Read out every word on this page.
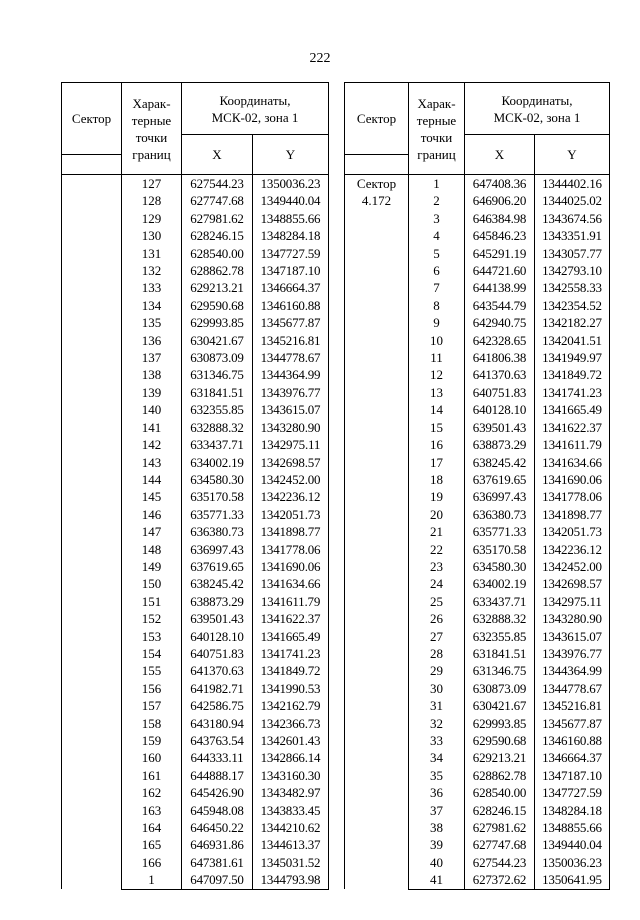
222
Сектор	Харак-
терные
точки
границ	Координаты,
МСК-02, зона 1	

		X	Y

	127	627544.23	1350036.23
	128	627747.68	1349440.04
	129	627981.62	1348855.66
	130	628246.15	1348284.18
	131	628540.00	1347727.59
	132	628862.78	1347187.10
	133	629213.21	1346664.37
	134	629590.68	1346160.88
	135	629993.85	1345677.87
	136	630421.67	1345216.81
	137	630873.09	1344778.67
	138	631346.75	1344364.99
	139	631841.51	1343976.77
	140	632355.85	1343615.07
	141	632888.32	1343280.90
	142	633437.71	1342975.11
	143	634002.19	1342698.57
	144	634580.30	1342452.00
	145	635170.58	1342236.12
	146	635771.33	1342051.73
	147	636380.73	1341898.77
	148	636997.43	1341778.06
	149	637619.65	1341690.06
	150	638245.42	1341634.66
	151	638873.29	1341611.79
	152	639501.43	1341622.37
	153	640128.10	1341665.49
	154	640751.83	1341741.23
	155	641370.63	1341849.72
	156	641982.71	1341990.53
	157	642586.75	1342162.79
	158	643180.94	1342366.73
	159	643763.54	1342601.43
	160	644333.11	1342866.14
	161	644888.17	1343160.30
	162	645426.90	1343482.97
	163	645948.08	1343833.45
	164	646450.22	1344210.62
	165	646931.86	1344613.37
	166	647381.61	1345031.52
	1	647097.50	1344793.98
Сектор	Харак-
терные
точки
границ	Координаты,
МСК-02, зона 1	

		X	Y

Сектор
4.172	1	647408.36	1344402.16
	2	646906.20	1344025.02
	3	646384.98	1343674.56
	4	645846.23	1343351.91
	5	645291.19	1343057.77
	6	644721.60	1342793.10
	7	644138.99	1342558.33
	8	643544.79	1342354.52
	9	642940.75	1342182.27
	10	642328.65	1342041.51
	11	641806.38	1341949.97
	12	641370.63	1341849.72
	13	640751.83	1341741.23
	14	640128.10	1341665.49
	15	639501.43	1341622.37
	16	638873.29	1341611.79
	17	638245.42	1341634.66
	18	637619.65	1341690.06
	19	636997.43	1341778.06
	20	636380.73	1341898.77
	21	635771.33	1342051.73
	22	635170.58	1342236.12
	23	634580.30	1342452.00
	24	634002.19	1342698.57
	25	633437.71	1342975.11
	26	632888.32	1343280.90
	27	632355.85	1343615.07
	28	631841.51	1343976.77
	29	631346.75	1344364.99
	30	630873.09	1344778.67
	31	630421.67	1345216.81
	32	629993.85	1345677.87
	33	629590.68	1346160.88
	34	629213.21	1346664.37
	35	628862.78	1347187.10
	36	628540.00	1347727.59
	37	628246.15	1348284.18
	38	627981.62	1348855.66
	39	627747.68	1349440.04
	40	627544.23	1350036.23
	41	627372.62	1350641.95
